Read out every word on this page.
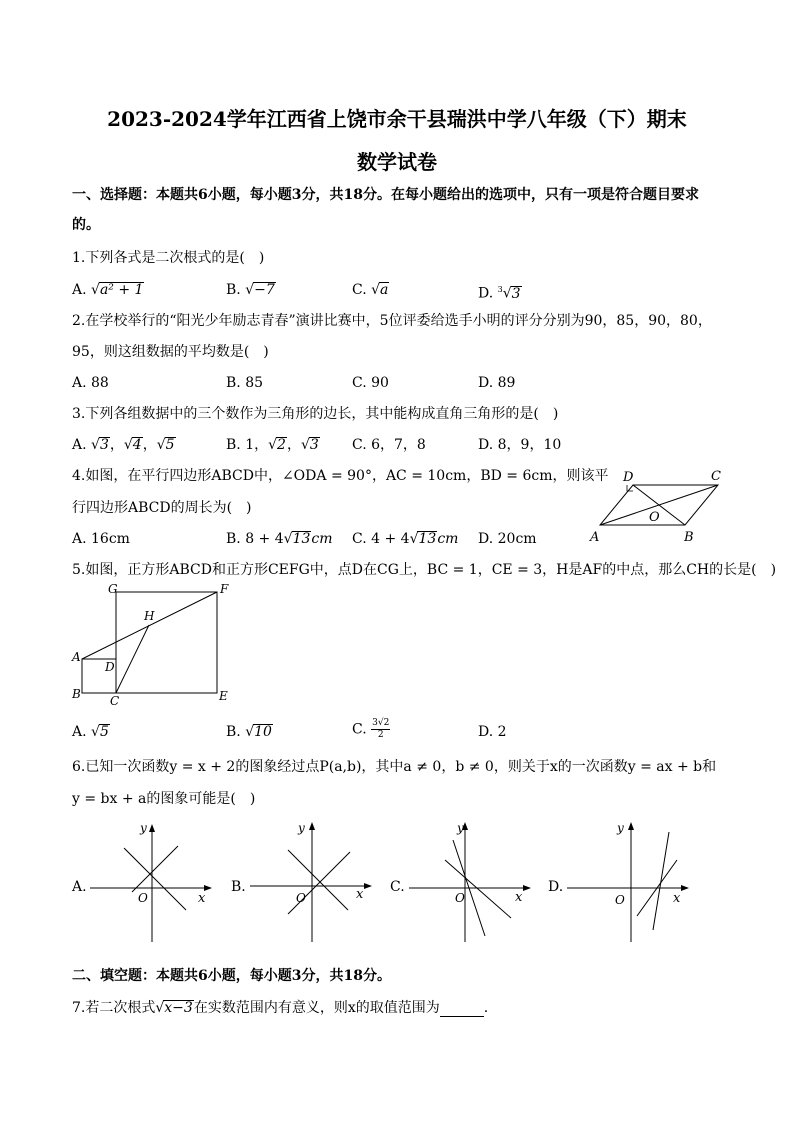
2023-2024学年江西省上饶市余干县瑞洪中学八年级（下）期末
数学试卷
一、选择题：本题共6小题，每小题3分，共18分。在每小题给出的选项中，只有一项是符合题目要求
的。
1.下列各式是二次根式的是(　)
A. √a² + 1	B. √−7	C. √a	D. $^3$√3
2.在学校举行的“阳光少年励志青春”演讲比赛中，5位评委给选手小明的评分分别为90，85，90，80，
95，则这组数据的平均数是(　)
A. 88	B. 85	C. 90	D. 89
3.下列各组数据中的三个数作为三角形的边长，其中能构成直角三角形的是(　)
A. √3，√4，√5	B. 1，√2，√3 C. 6，7，8	D. 8，9，10
4.如图，在平行四边形ABCD中，∠ODA = 90°，AC = 10cm，BD = 6cm，则该平
行四边形ABCD的周长为(　)
A. 16cm	B. 8 + 4√13cm C. 4 + 4√13cm D. 20cm	A	B
C
D
O
5.如图，正方形ABCD和正方形CEFG中，点D在CG上，BC = 1，CE = 3，H是AF的中点，那么CH的长是(　)
G	F
H
A
D
B C	E
A. √5	B. √10	C. $\frac{3√2}{2}$	D. 2
6.已知一次函数y = x + 2的图象经过点P(a,b)，其中a ≠ 0，b ≠ 0，则关于x的一次函数y = ax + b和
y = bx + a的图象可能是(　)
A.
y
x
O
B.
y
x
O
C.
y
x
O
D.
y
x
O
二、填空题：本题共6小题，每小题3分，共18分。
7.若二次根式√x−3在实数范围内有意义，则x的取值范围为	.
